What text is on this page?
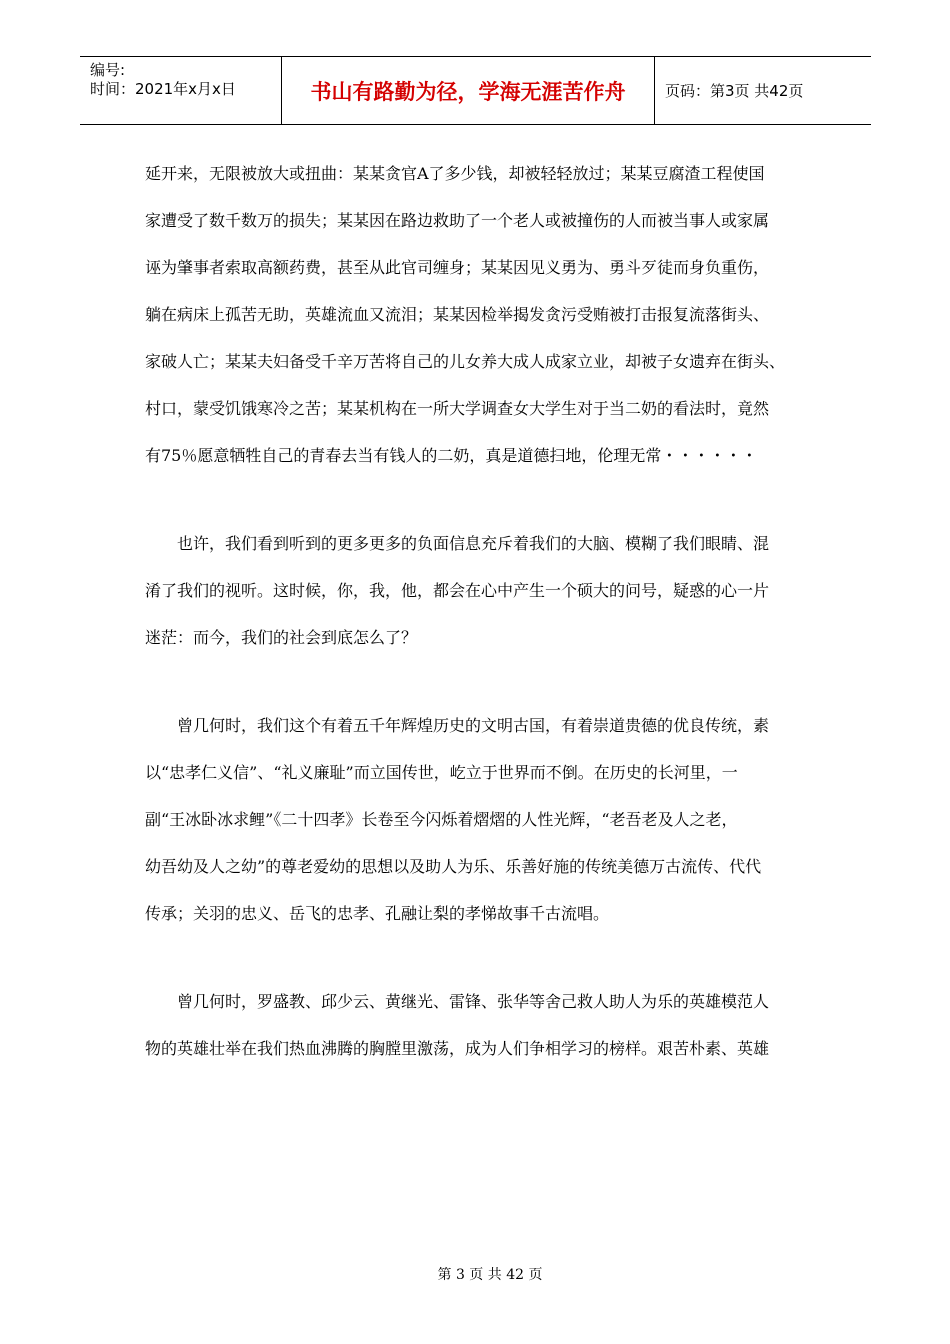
编号:
时间：2021年x月x日	书山有路勤为径，学海无涯苦作舟	页码：第3页 共42页

延开来，无限被放大或扭曲：某某贪官A了多少钱，却被轻轻放过；某某豆腐渣工程使国
家遭受了数千数万的损失；某某因在路边救助了一个老人或被撞伤的人而被当事人或家属
诬为肇事者索取高额药费，甚至从此官司缠身；某某因见义勇为、勇斗歹徒而身负重伤，
躺在病床上孤苦无助，英雄流血又流泪；某某因检举揭发贪污受贿被打击报复流落街头、
家破人亡；某某夫妇备受千辛万苦将自己的儿女养大成人成家立业，却被子女遗弃在街头、
村口，蒙受饥饿寒冷之苦；某某机构在一所大学调查女大学生对于当二奶的看法时，竟然
有75％愿意牺牲自己的青春去当有钱人的二奶，真是道德扫地，伦理无常・・・・・・

　　也许，我们看到听到的更多更多的负面信息充斥着我们的大脑、模糊了我们眼睛、混
淆了我们的视听。这时候，你，我，他，都会在心中产生一个硕大的问号，疑惑的心一片
迷茫：而今，我们的社会到底怎么了？

　　曾几何时，我们这个有着五千年辉煌历史的文明古国，有着崇道贵德的优良传统，素
以“忠孝仁义信”、“礼义廉耻”而立国传世，屹立于世界而不倒。在历史的长河里，一
副“王冰卧冰求鲤”《二十四孝》长卷至今闪烁着熠熠的人性光辉，“老吾老及人之老，
幼吾幼及人之幼”的尊老爱幼的思想以及助人为乐、乐善好施的传统美德万古流传、代代
传承；关羽的忠义、岳飞的忠孝、孔融让梨的孝悌故事千古流唱。

　　曾几何时，罗盛教、邱少云、黄继光、雷锋、张华等舍己救人助人为乐的英雄模范人
物的英雄壮举在我们热血沸腾的胸膛里激荡，成为人们争相学习的榜样。艰苦朴素、英雄

第 3 页 共 42 页
